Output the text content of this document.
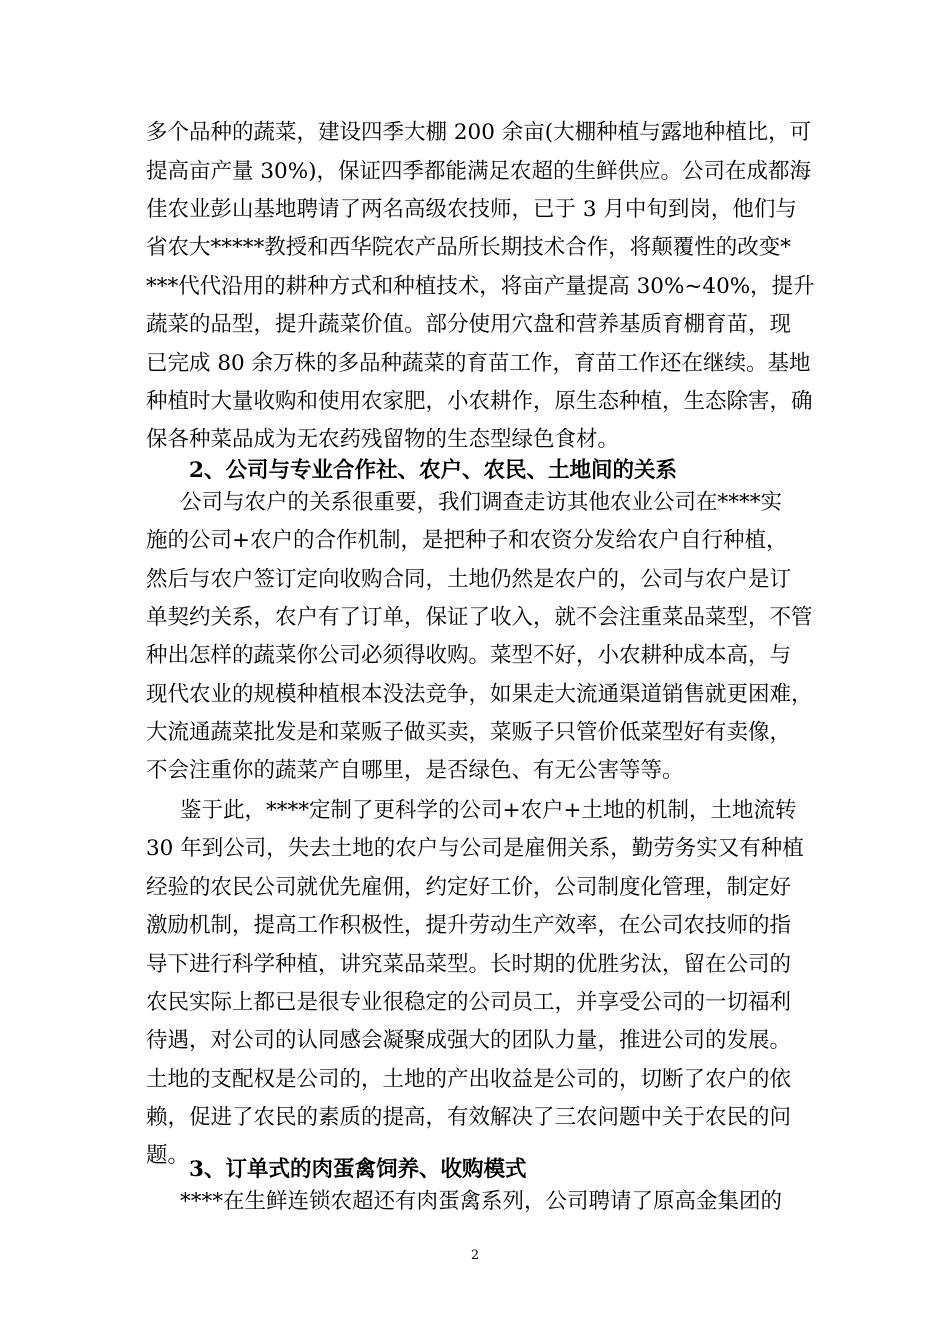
多个品种的蔬菜，建设四季大棚 200 余亩(大棚种植与露地种植比，可
提高亩产量 30%)，保证四季都能满足农超的生鲜供应。公司在成都海
佳农业彭山基地聘请了两名高级农技师，已于 3 月中旬到岗，他们与
省农大*****教授和西华院农产品所长期技术合作，将颠覆性的改变*
***代代沿用的耕种方式和种植技术，将亩产量提高 30%~40%，提升
蔬菜的品型，提升蔬菜价值。部分使用穴盘和营养基质育棚育苗，现
已完成 80 余万株的多品种蔬菜的育苗工作，育苗工作还在继续。基地
种植时大量收购和使用农家肥，小农耕作，原生态种植，生态除害，确
保各种菜品成为无农药残留物的生态型绿色食材。
2、公司与专业合作社、农户、农民、土地间的关系
公司与农户的关系很重要，我们调查走访其他农业公司在****实
施的公司+农户的合作机制，是把种子和农资分发给农户自行种植，
然后与农户签订定向收购合同，土地仍然是农户的，公司与农户是订
单契约关系，农户有了订单，保证了收入，就不会注重菜品菜型，不管
种出怎样的蔬菜你公司必须得收购。菜型不好，小农耕种成本高，与
现代农业的规模种植根本没法竞争，如果走大流通渠道销售就更困难，
大流通蔬菜批发是和菜贩子做买卖，菜贩子只管价低菜型好有卖像，
不会注重你的蔬菜产自哪里，是否绿色、有无公害等等。
鉴于此，****定制了更科学的公司+农户+土地的机制，土地流转
30 年到公司，失去土地的农户与公司是雇佣关系，勤劳务实又有种植
经验的农民公司就优先雇佣，约定好工价，公司制度化管理，制定好
激励机制，提高工作积极性，提升劳动生产效率，在公司农技师的指
导下进行科学种植，讲究菜品菜型。长时期的优胜劣汰，留在公司的
农民实际上都已是很专业很稳定的公司员工，并享受公司的一切福利
待遇，对公司的认同感会凝聚成强大的团队力量，推进公司的发展。
土地的支配权是公司的，土地的产出收益是公司的，切断了农户的依
赖，促进了农民的素质的提高，有效解决了三农问题中关于农民的问
题。
3、订单式的肉蛋禽饲养、收购模式
****在生鲜连锁农超还有肉蛋禽系列，公司聘请了原高金集团的
2
